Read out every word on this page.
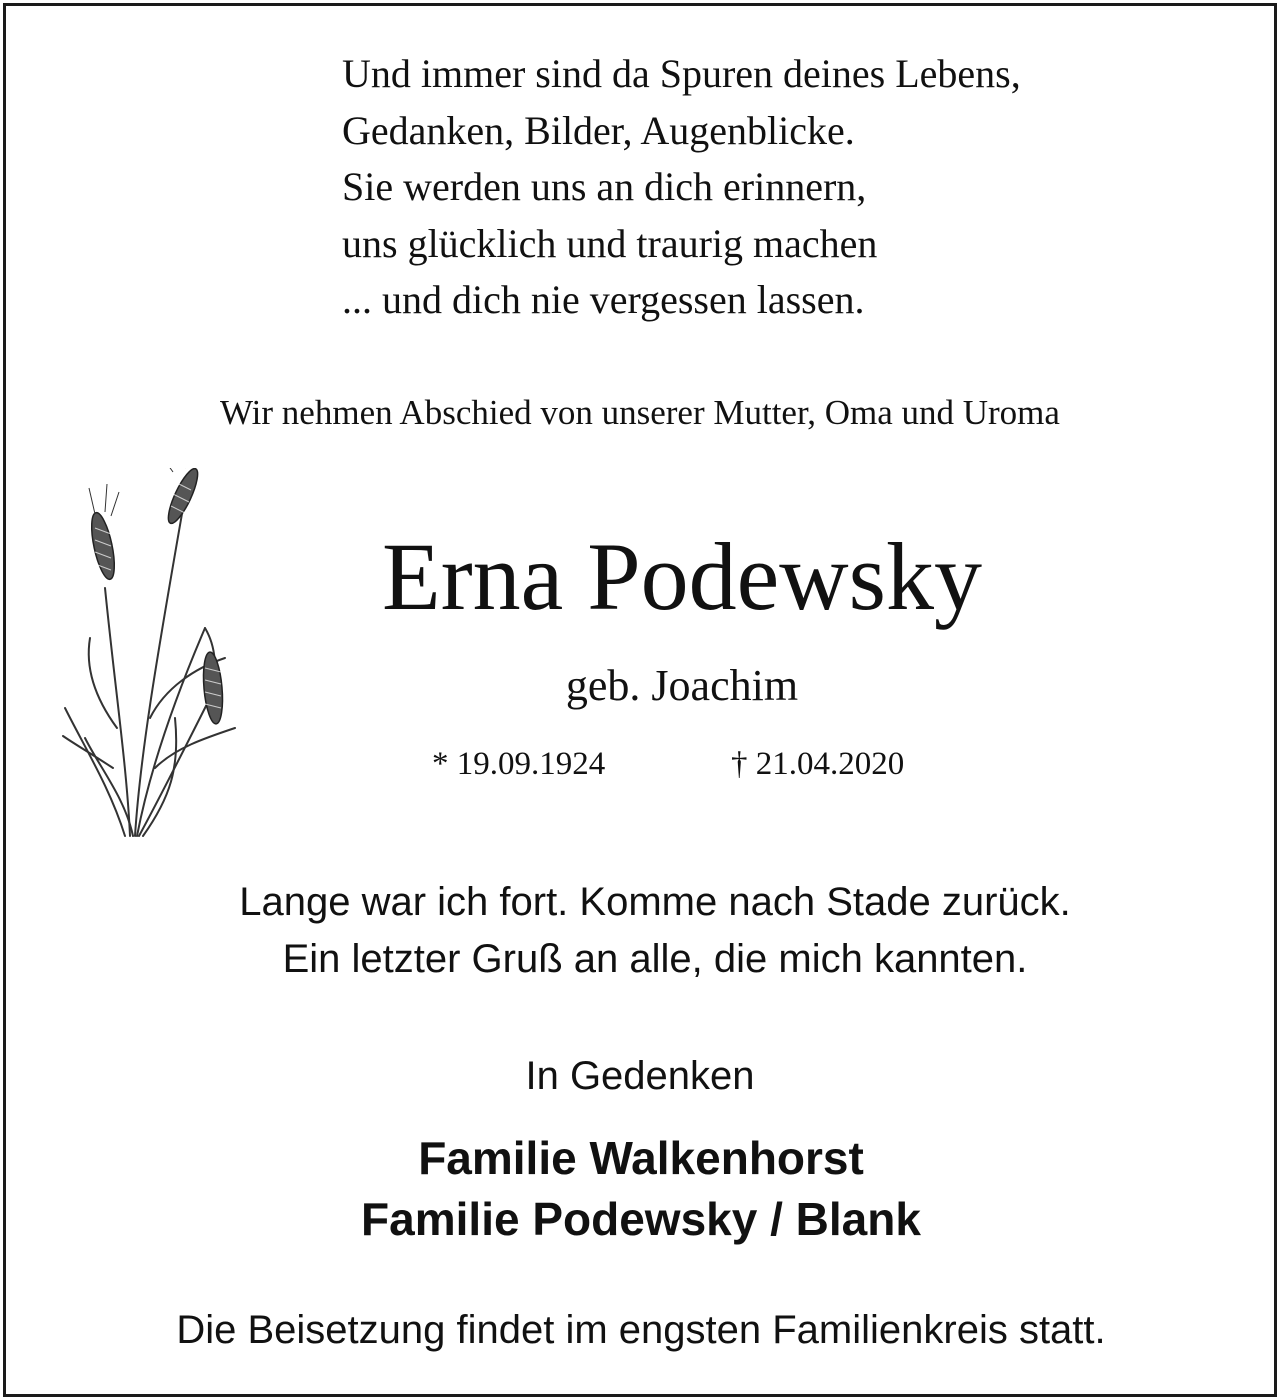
Und immer sind da Spuren deines Lebens,
Gedanken, Bilder, Augenblicke.
Sie werden uns an dich erinnern,
uns glücklich und traurig machen
... und dich nie vergessen lassen.
Wir nehmen Abschied von unserer Mutter, Oma und Uroma
Erna Podewsky
geb. Joachim
* 19.09.1924	† 21.04.2020
Lange war ich fort. Komme nach Stade zurück.
Ein letzter Gruß an alle, die mich kannten.
In Gedenken
Familie Walkenhorst
Familie Podewsky / Blank
Die Beisetzung findet im engsten Familienkreis statt.
